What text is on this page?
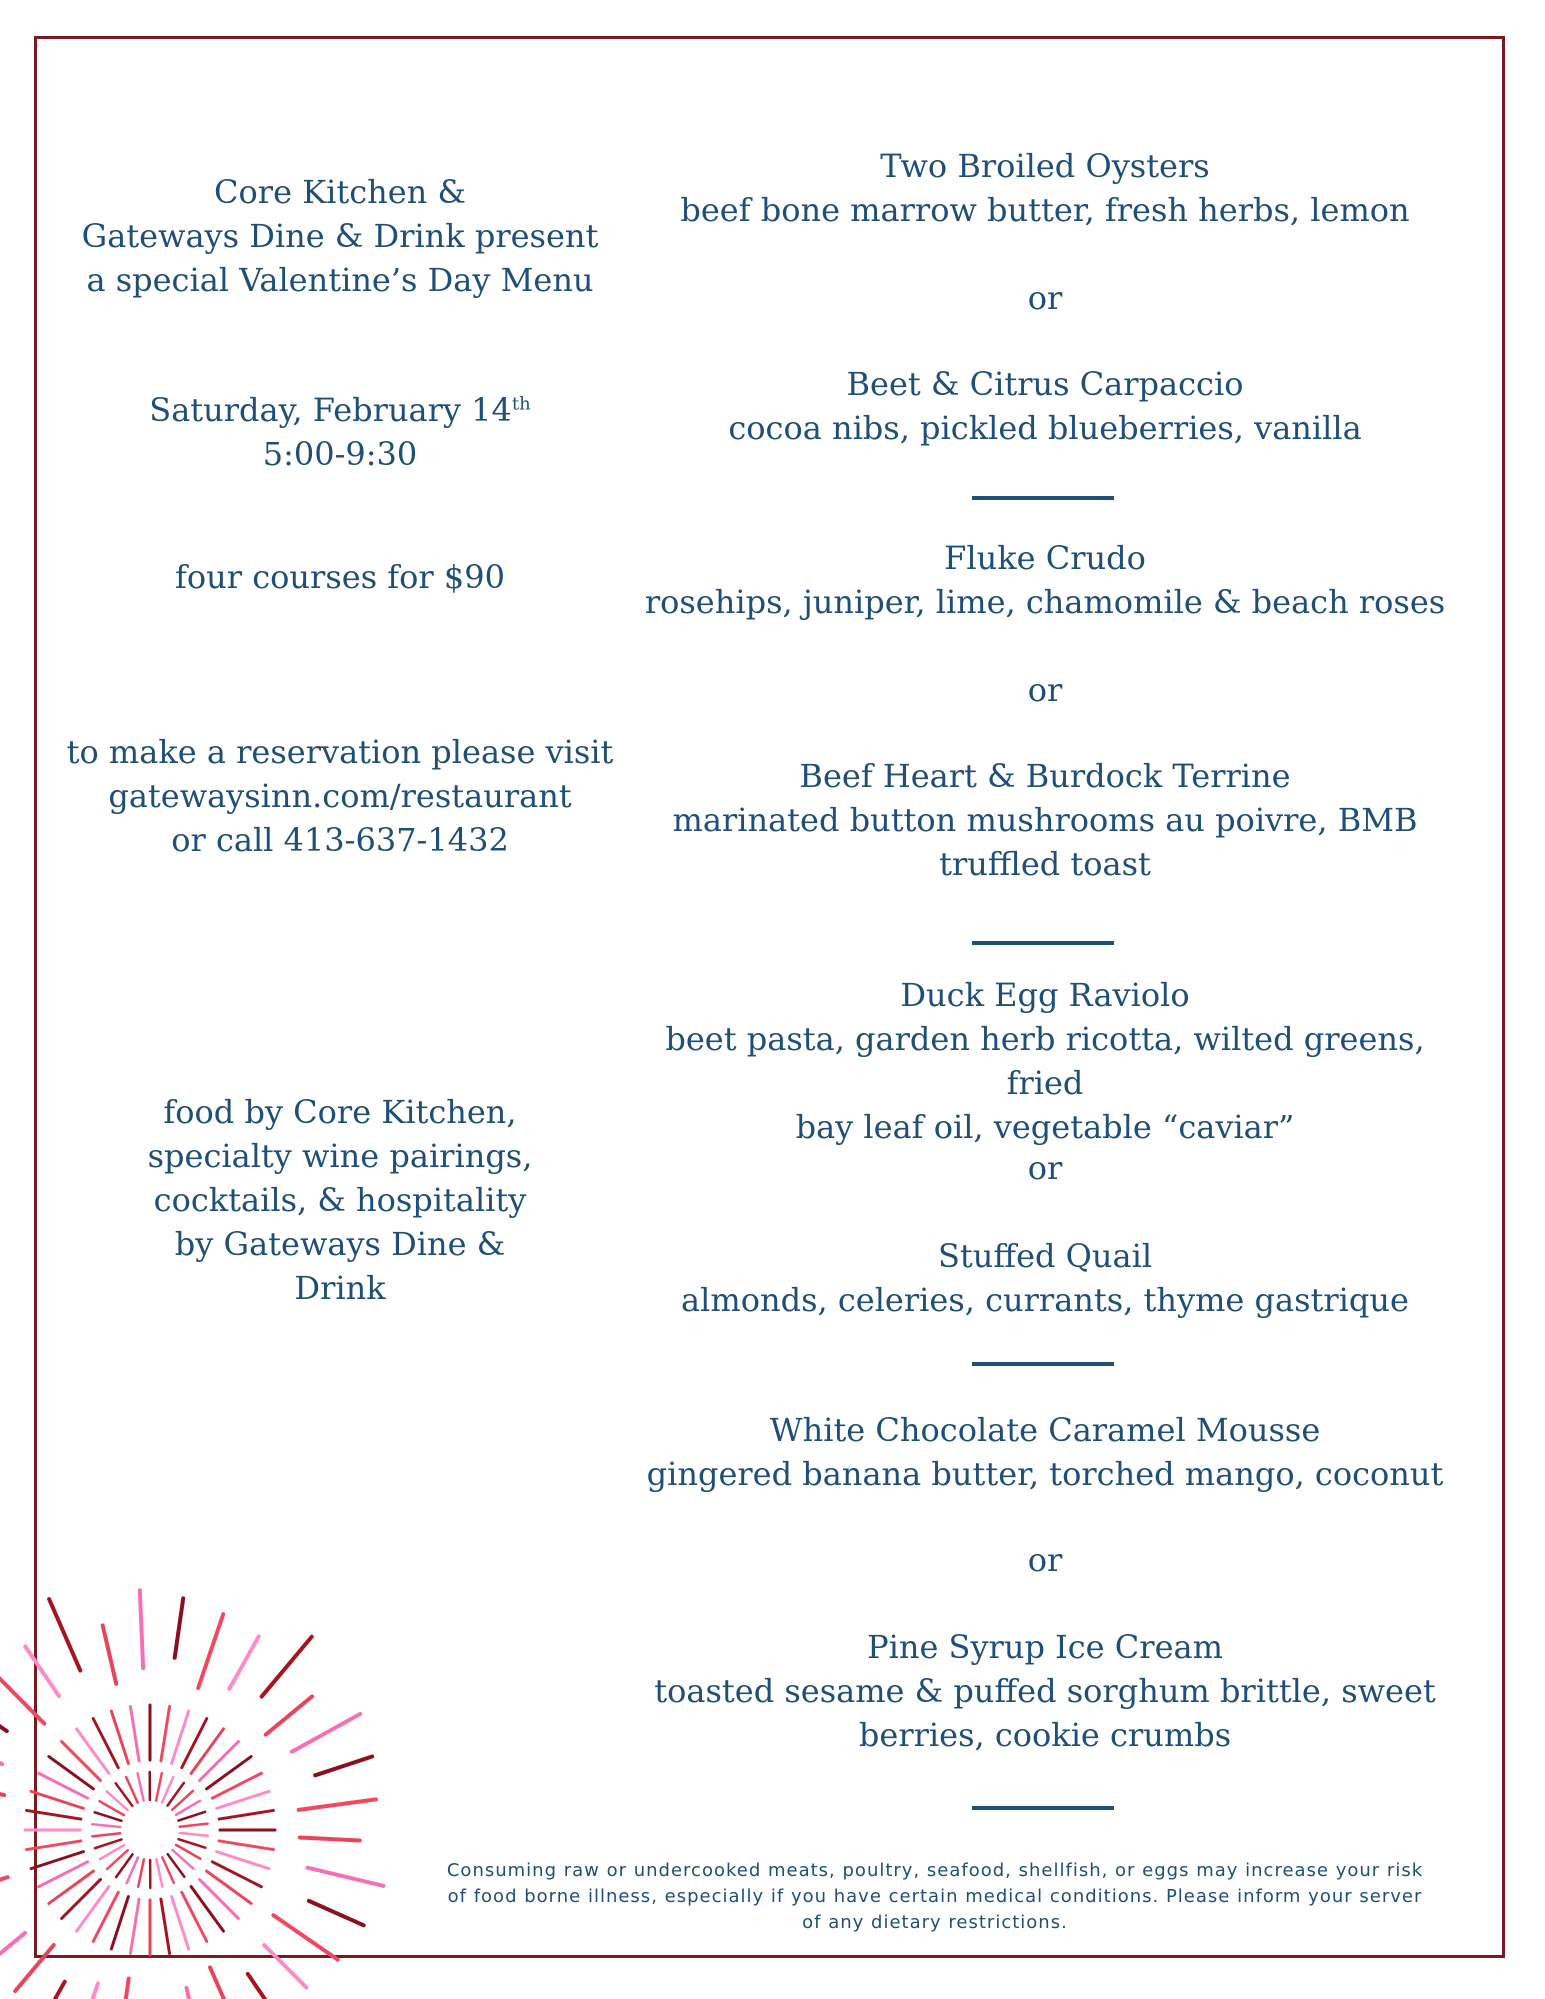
Core Kitchen &
Gateways Dine & Drink present
a special Valentine’s Day Menu
Saturday, February 14th
5:00-9:30
four courses for $90
to make a reservation please visit
gatewaysinn.com/restaurant
or call 413-637-1432
food by Core Kitchen,
specialty wine pairings,
cocktails, & hospitality
by Gateways Dine &
Drink
Two Broiled Oysters
beef bone marrow butter, fresh herbs, lemon
or
Beet & Citrus Carpaccio
cocoa nibs, pickled blueberries, vanilla
Fluke Crudo
rosehips, juniper, lime, chamomile & beach roses
or
Beef Heart & Burdock Terrine
marinated button mushrooms au poivre, BMB
truffled toast
Duck Egg Raviolo
beet pasta, garden herb ricotta, wilted greens, fried
bay leaf oil, vegetable “caviar”
or
Stuffed Quail
almonds, celeries, currants, thyme gastrique
White Chocolate Caramel Mousse
gingered banana butter, torched mango, coconut
or
Pine Syrup Ice Cream
toasted sesame & puffed sorghum brittle, sweet
berries, cookie crumbs
Consuming raw or undercooked meats, poultry, seafood, shellfish, or eggs may increase your risk
of food borne illness, especially if you have certain medical conditions. Please inform your server
of any dietary restrictions.
